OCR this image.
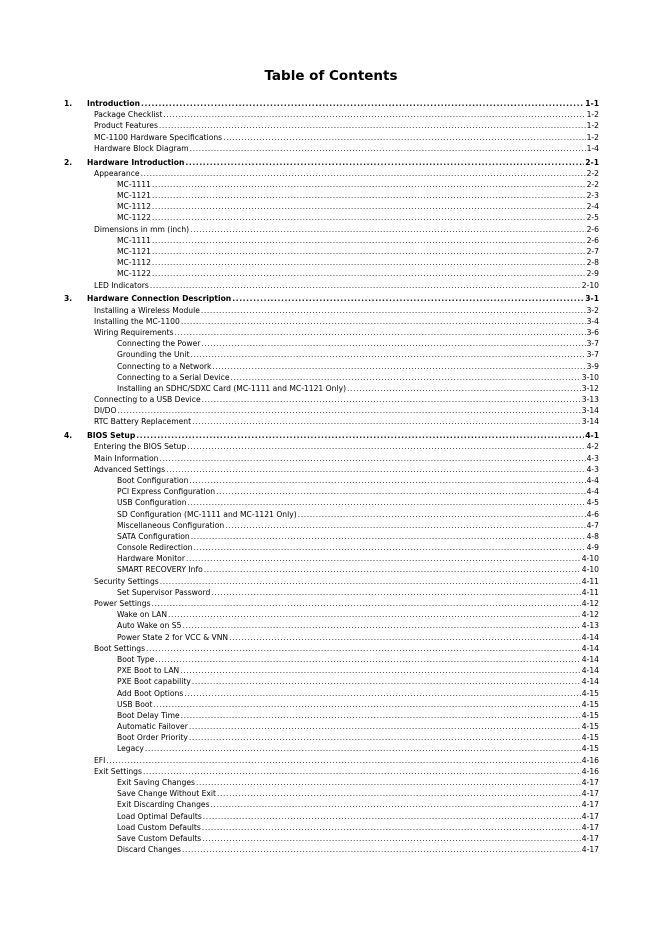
Table of Contents
1. Introduction .....	1-1
Package Checklist .....	1-2
Product Features .....	1-2
MC-1100 Hardware Specifications .....	1-2
Hardware Block Diagram .....	1-4
2. Hardware Introduction .....	2-1
Appearance .....	2-2
MC-1111 .....	2-2
MC-1121 .....	2-3
MC-1112 .....	2-4
MC-1122 .....	2-5
Dimensions in mm (inch) .....	2-6
MC-1111 .....	2-6
MC-1121 .....	2-7
MC-1112 .....	2-8
MC-1122 .....	2-9
LED Indicators .....	2-10
3. Hardware Connection Description .....	3-1
Installing a Wireless Module .....	3-2
Installing the MC-1100 .....	3-4
Wiring Requirements .....	3-6
Connecting the Power .....	3-7
Grounding the Unit .....	3-7
Connecting to a Network .....	3-9
Connecting to a Serial Device .....	3-10
Installing an SDHC/SDXC Card (MC-1111 and MC-1121 Only) .....	3-12
Connecting to a USB Device .....	3-13
DI/DO .....	3-14
RTC Battery Replacement .....	3-14
4. BIOS Setup .....	4-1
Entering the BIOS Setup .....	4-2
Main Information .....	4-3
Advanced Settings .....	4-3
Boot Configuration .....	4-4
PCI Express Configuration .....	4-4
USB Configuration .....	4-5
SD Configuration (MC-1111 and MC-1121 Only) .....	4-6
Miscellaneous Configuration .....	4-7
SATA Configuration .....	4-8
Console Redirection .....	4-9
Hardware Monitor .....	4-10
SMART RECOVERY Info .....	4-10
Security Settings .....	4-11
Set Supervisor Password .....	4-11
Power Settings .....	4-12
Wake on LAN .....	4-12
Auto Wake on S5 .....	4-13
Power State 2 for VCC & VNN .....	4-14
Boot Settings .....	4-14
Boot Type .....	4-14
PXE Boot to LAN .....	4-14
PXE Boot capability .....	4-14
Add Boot Options .....	4-15
USB Boot .....	4-15
Boot Delay Time .....	4-15
Automatic Failover .....	4-15
Boot Order Priority .....	4-15
Legacy .....	4-15
EFI .....	4-16
Exit Settings .....	4-16
Exit Saving Changes .....	4-17
Save Change Without Exit .....	4-17
Exit Discarding Changes .....	4-17
Load Optimal Defaults .....	4-17
Load Custom Defaults .....	4-17
Save Custom Defaults .....	4-17
Discard Changes .....	4-17
